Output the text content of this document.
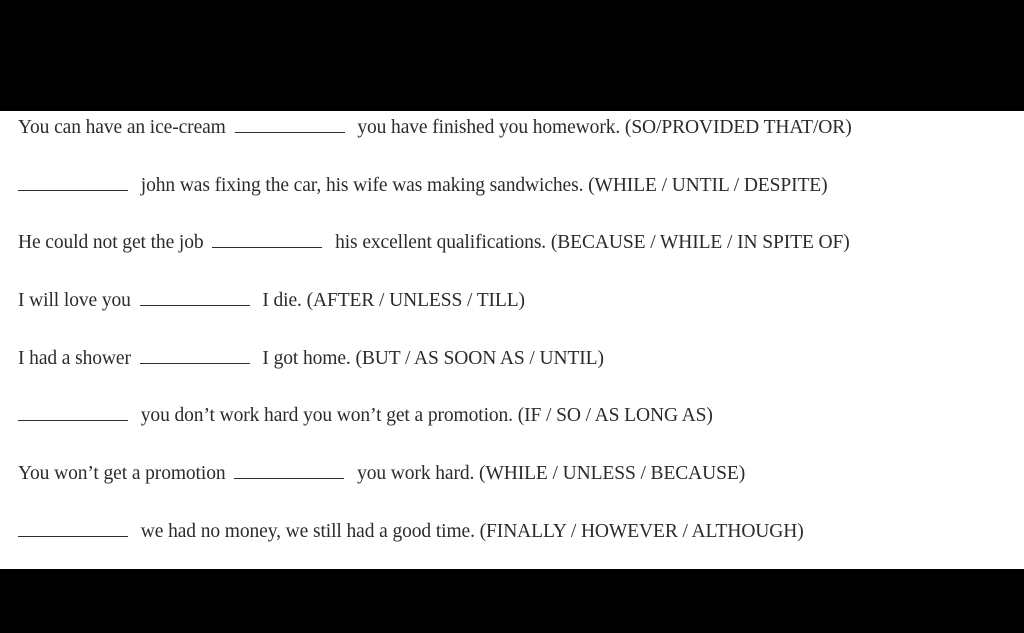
You can have an ice-cream	you have finished you homework. (SO/PROVIDED THAT/OR)
john was fixing the car, his wife was making sandwiches. (WHILE / UNTIL / DESPITE)
He could not get the job	his excellent qualifications. (BECAUSE / WHILE / IN SPITE OF)
I will love you	I die. (AFTER / UNLESS / TILL)
I had a shower	I got home. (BUT / AS SOON AS / UNTIL)
you don’t work hard you won’t get a promotion. (IF / SO / AS LONG AS)
You won’t get a promotion	you work hard. (WHILE / UNLESS / BECAUSE)
we had no money, we still had a good time. (FINALLY / HOWEVER / ALTHOUGH)
